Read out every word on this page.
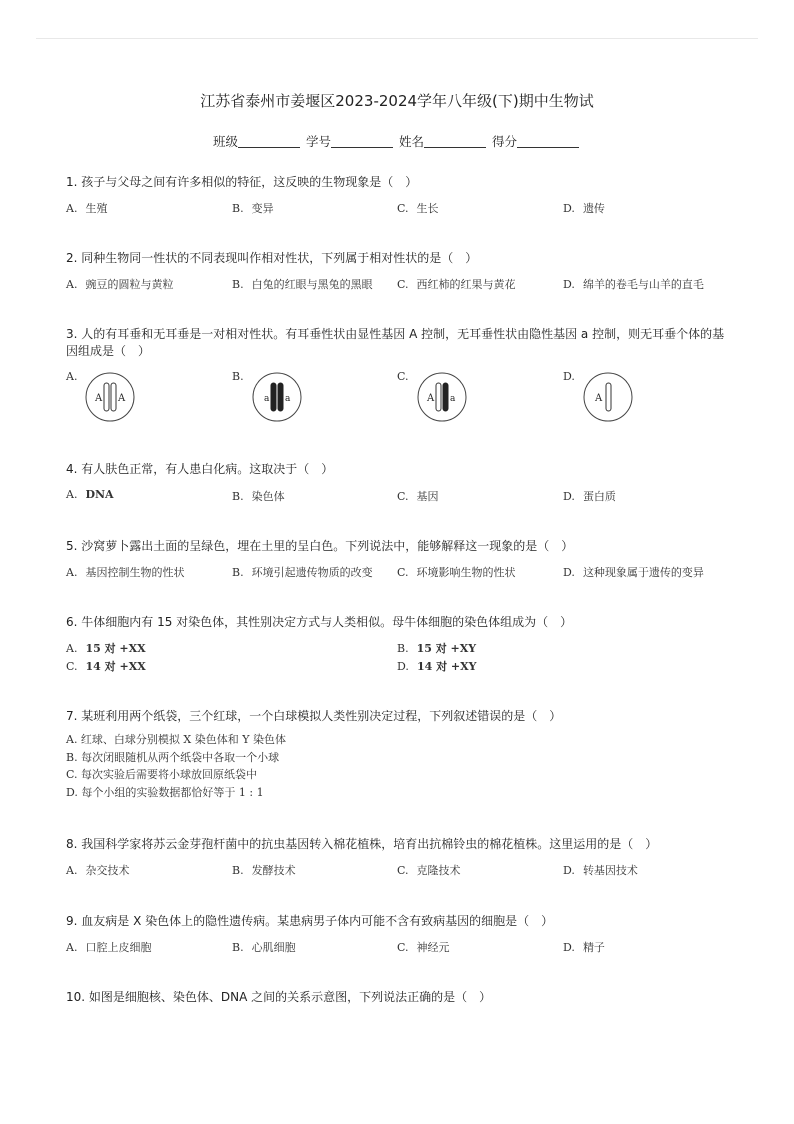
江苏省泰州市姜堰区2023-2024学年八年级(下)期中生物试
班级	学号	姓名	得分
1. 孩子与父母之间有许多相似的特征，这反映的生物现象是（　）
A. 生殖	B. 变异	C. 生长	D. 遗传
2. 同种生物同一性状的不同表现叫作相对性状，下列属于相对性状的是（　）
A. 豌豆的圆粒与黄粒	B. 白兔的红眼与黑兔的黑眼 C. 西红柿的红果与黄花	D. 绵羊的卷毛与山羊的直毛
3. 人的有耳垂和无耳垂是一对相对性状。有耳垂性状由显性基因 A 控制，无耳垂性状由隐性基因 a 控制，则无耳垂个体的基因组成是（　）
A.	B.	C.	D.
A A	a a	A a	A
4. 有人肤色正常，有人患白化病。这取决于（　）
A. DNA	B. 染色体	C. 基因	D. 蛋白质
5. 沙窝萝卜露出土面的呈绿色，埋在土里的呈白色。下列说法中，能够解释这一现象的是（　）
A. 基因控制生物的性状	B. 环境引起遗传物质的改变 C. 环境影响生物的性状	D. 这种现象属于遗传的变异
6. 牛体细胞内有 15 对染色体，其性别决定方式与人类相似。母牛体细胞的染色体组成为（　）
A. 15 对 +XX	B. 15 对 +XY
C. 14 对 +XX	D. 14 对 +XY
7. 某班利用两个纸袋，三个红球，一个白球模拟人类性别决定过程，下列叙述错误的是（　）
A. 红球、白球分别模拟 X 染色体和 Y 染色体
B. 每次闭眼随机从两个纸袋中各取一个小球
C. 每次实验后需要将小球放回原纸袋中
D. 每个小组的实验数据都恰好等于 1 : 1
8. 我国科学家将苏云金芽孢杆菌中的抗虫基因转入棉花植株，培育出抗棉铃虫的棉花植株。这里运用的是（　）
A. 杂交技术	B. 发酵技术	C. 克隆技术	D. 转基因技术
9. 血友病是 X 染色体上的隐性遗传病。某患病男子体内可能不含有致病基因的细胞是（　）
A. 口腔上皮细胞	B. 心肌细胞	C. 神经元	D. 精子
10. 如图是细胞核、染色体、DNA 之间的关系示意图，下列说法正确的是（　）
